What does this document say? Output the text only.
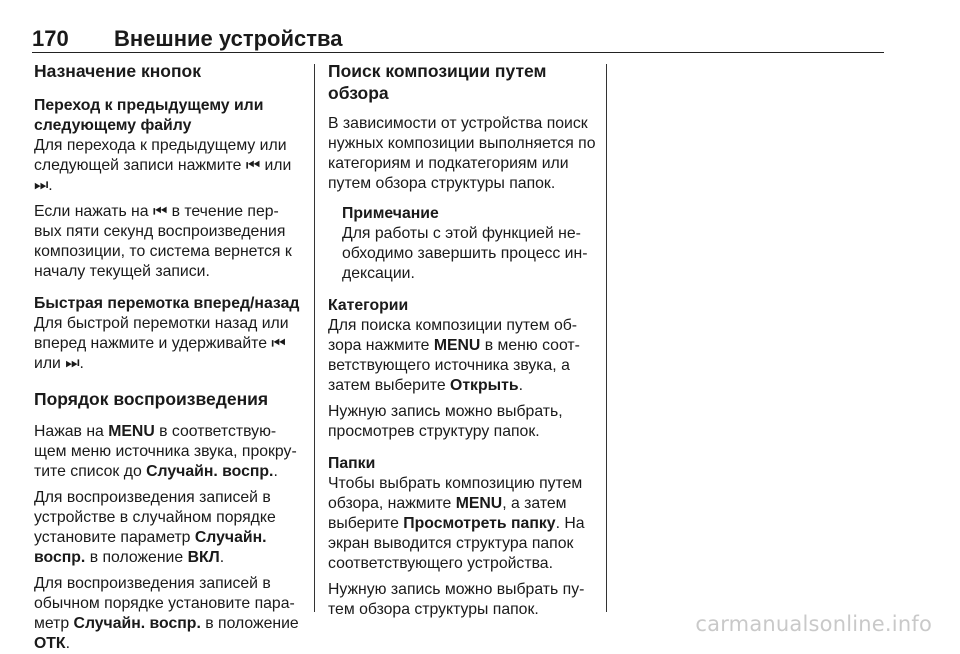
170 Внешние устройства
Назначение кнопок

Переход к предыдущему или следующему файлу

Для перехода к предыдущему или следующей записи нажмите ⏮ или ⏭.

Если нажать на ⏮ в течение пер-вых пяти секунд воспроизведения композиции, то система вернется к началу текущей записи.

Быстрая перемотка вперед/назад

Для быстрой перемотки назад или вперед нажмите и удерживайте ⏮ или ⏭.

Порядок воспроизведения

Нажав на MENU в соответствую-щем меню источника звука, прокру-тите список до Случайн. воспр..

Для воспроизведения записей в устройстве в случайном порядке установите параметр Случайн. воспр. в положение ВКЛ.

Для воспроизведения записей в обычном порядке установите пара-метр Случайн. воспр. в положение ОТК.

Поиск композиции путем обзора

В зависимости от устройства поиск нужных композиции выполняется по категориям и подкатегориям или путем обзора структуры папок.

Примечание

Для работы с этой функцией не-обходимо завершить процесс ин-дексации.

Категории

Для поиска композиции путем об-зора нажмите MENU в меню соот-ветствующего источника звука, а затем выберите Открыть.

Нужную запись можно выбрать, просмотрев структуру папок.

Папки

Чтобы выбрать композицию путем обзора, нажмите MENU, а затем выберите Просмотреть папку. На экран выводится структура папок соответствующего устройства.

Нужную запись можно выбрать пу-тем обзора структуры папок.

carmanualsonline.info
